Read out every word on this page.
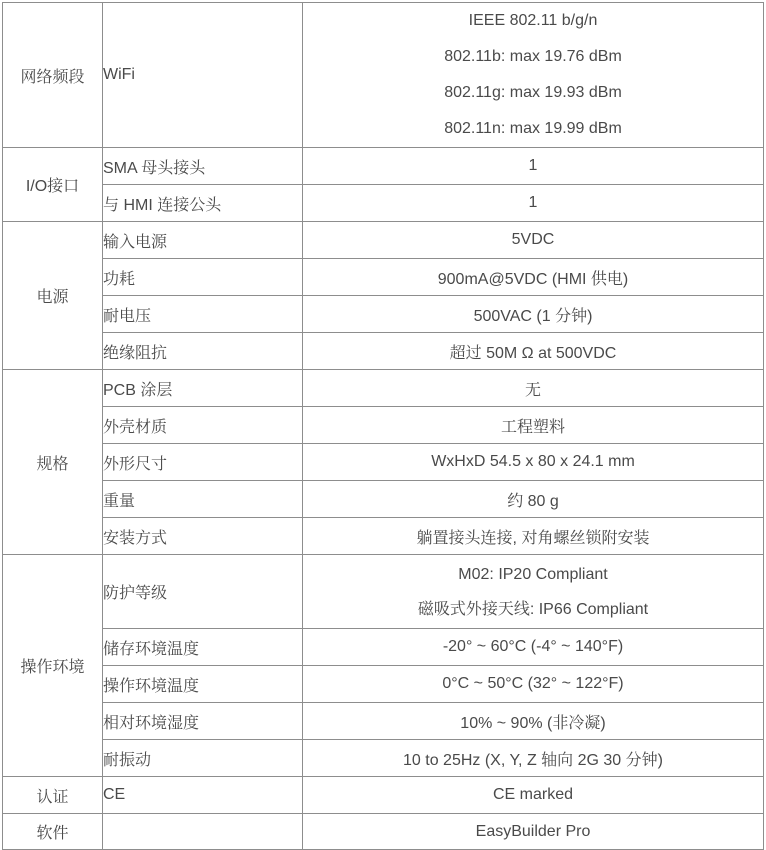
网络频段	WiFi	IEEE 802.11 b/g/n
802.11b: max 19.76 dBm
802.11g: max 19.93 dBm
802.11n: max 19.99 dBm

I/O接口	SMA 母头接头	1
	与 HMI 连接公头	1
电源	输入电源	5VDC
	功耗	900mA@5VDC (HMI 供电)
	耐电压	500VAC (1 分钟)
	绝缘阻抗	超过 50M Ω at 500VDC
规格	PCB 涂层	无
	外壳材质	工程塑料
	外形尺寸	WxHxD 54.5 x 80 x 24.1 mm
	重量	约 80 g
	安装方式	躺置接头连接, 对角螺丝锁附安装
操作环境	防护等级	M02: IP20 Compliant
磁吸式外接天线: IP66 Compliant

	储存环境温度	-20° ~ 60°C (-4° ~ 140°F)
	操作环境温度	0°C ~ 50°C (32° ~ 122°F)
	相对环境湿度	10% ~ 90% (非冷凝)
	耐振动	10 to 25Hz (X, Y, Z 轴向 2G 30 分钟)
认证	CE	CE marked
软件		EasyBuilder Pro
